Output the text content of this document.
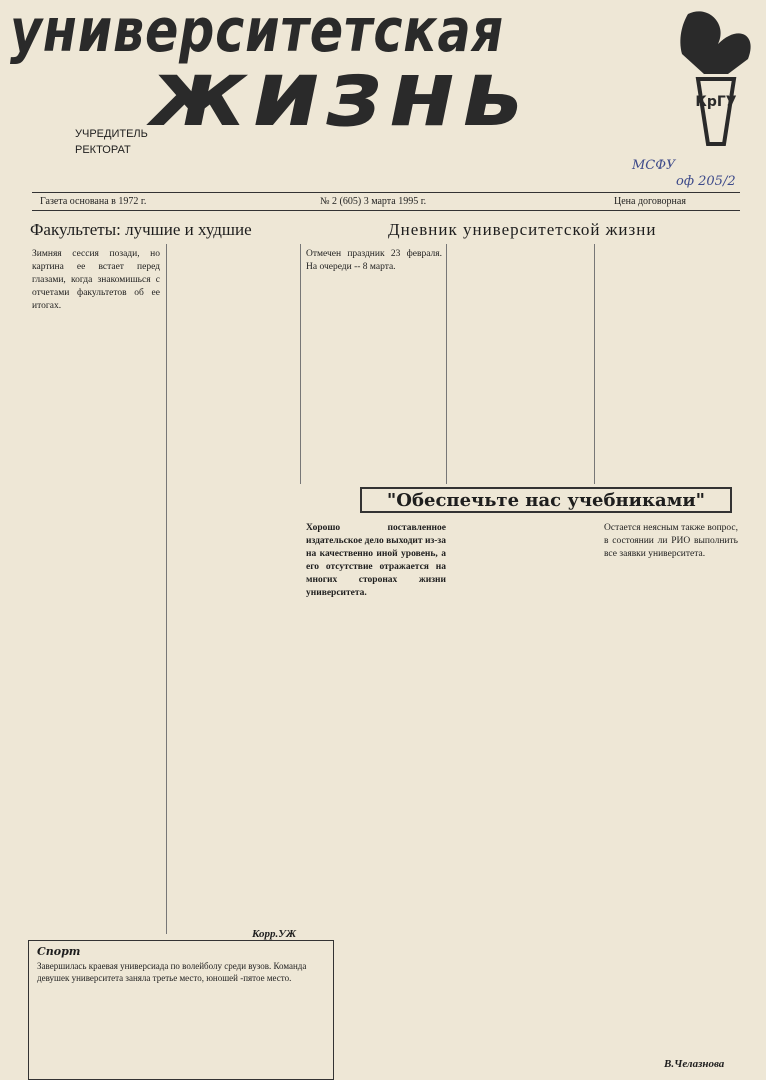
университетская
жизнь
УЧРЕДИТЕЛЬ
РЕКТОРАТ
КрГУ
МСФУ
оф 205/2
Газета основана в 1972 г.	№ 2 (605) 3 марта 1995 г.	Цена договорная
Факультеты: лучшие и худшие	Дневник университетской жизни
Зимняя сессия позади, но картина ее встает перед глазами, когда знакомишься с отчетами факультетов об ее итогах.
Отмечен праздник 23 февраля. На очереди -- 8 марта.
"Обеспечьте нас учебниками"
Хорошо поставленное издательское дело выходит из-за на качественно иной уровень, а его отсутствие отражается на многих сторонах жизни университета.
Остается неясным также вопрос, в состоянии ли РИО выполнить все заявки университета.
Корр.УЖ
В.Челазнова
Спорт
Завершилась краевая универсиада по волейболу среди вузов. Команда девушек университета заняла третье место, юношей -пятое место.
